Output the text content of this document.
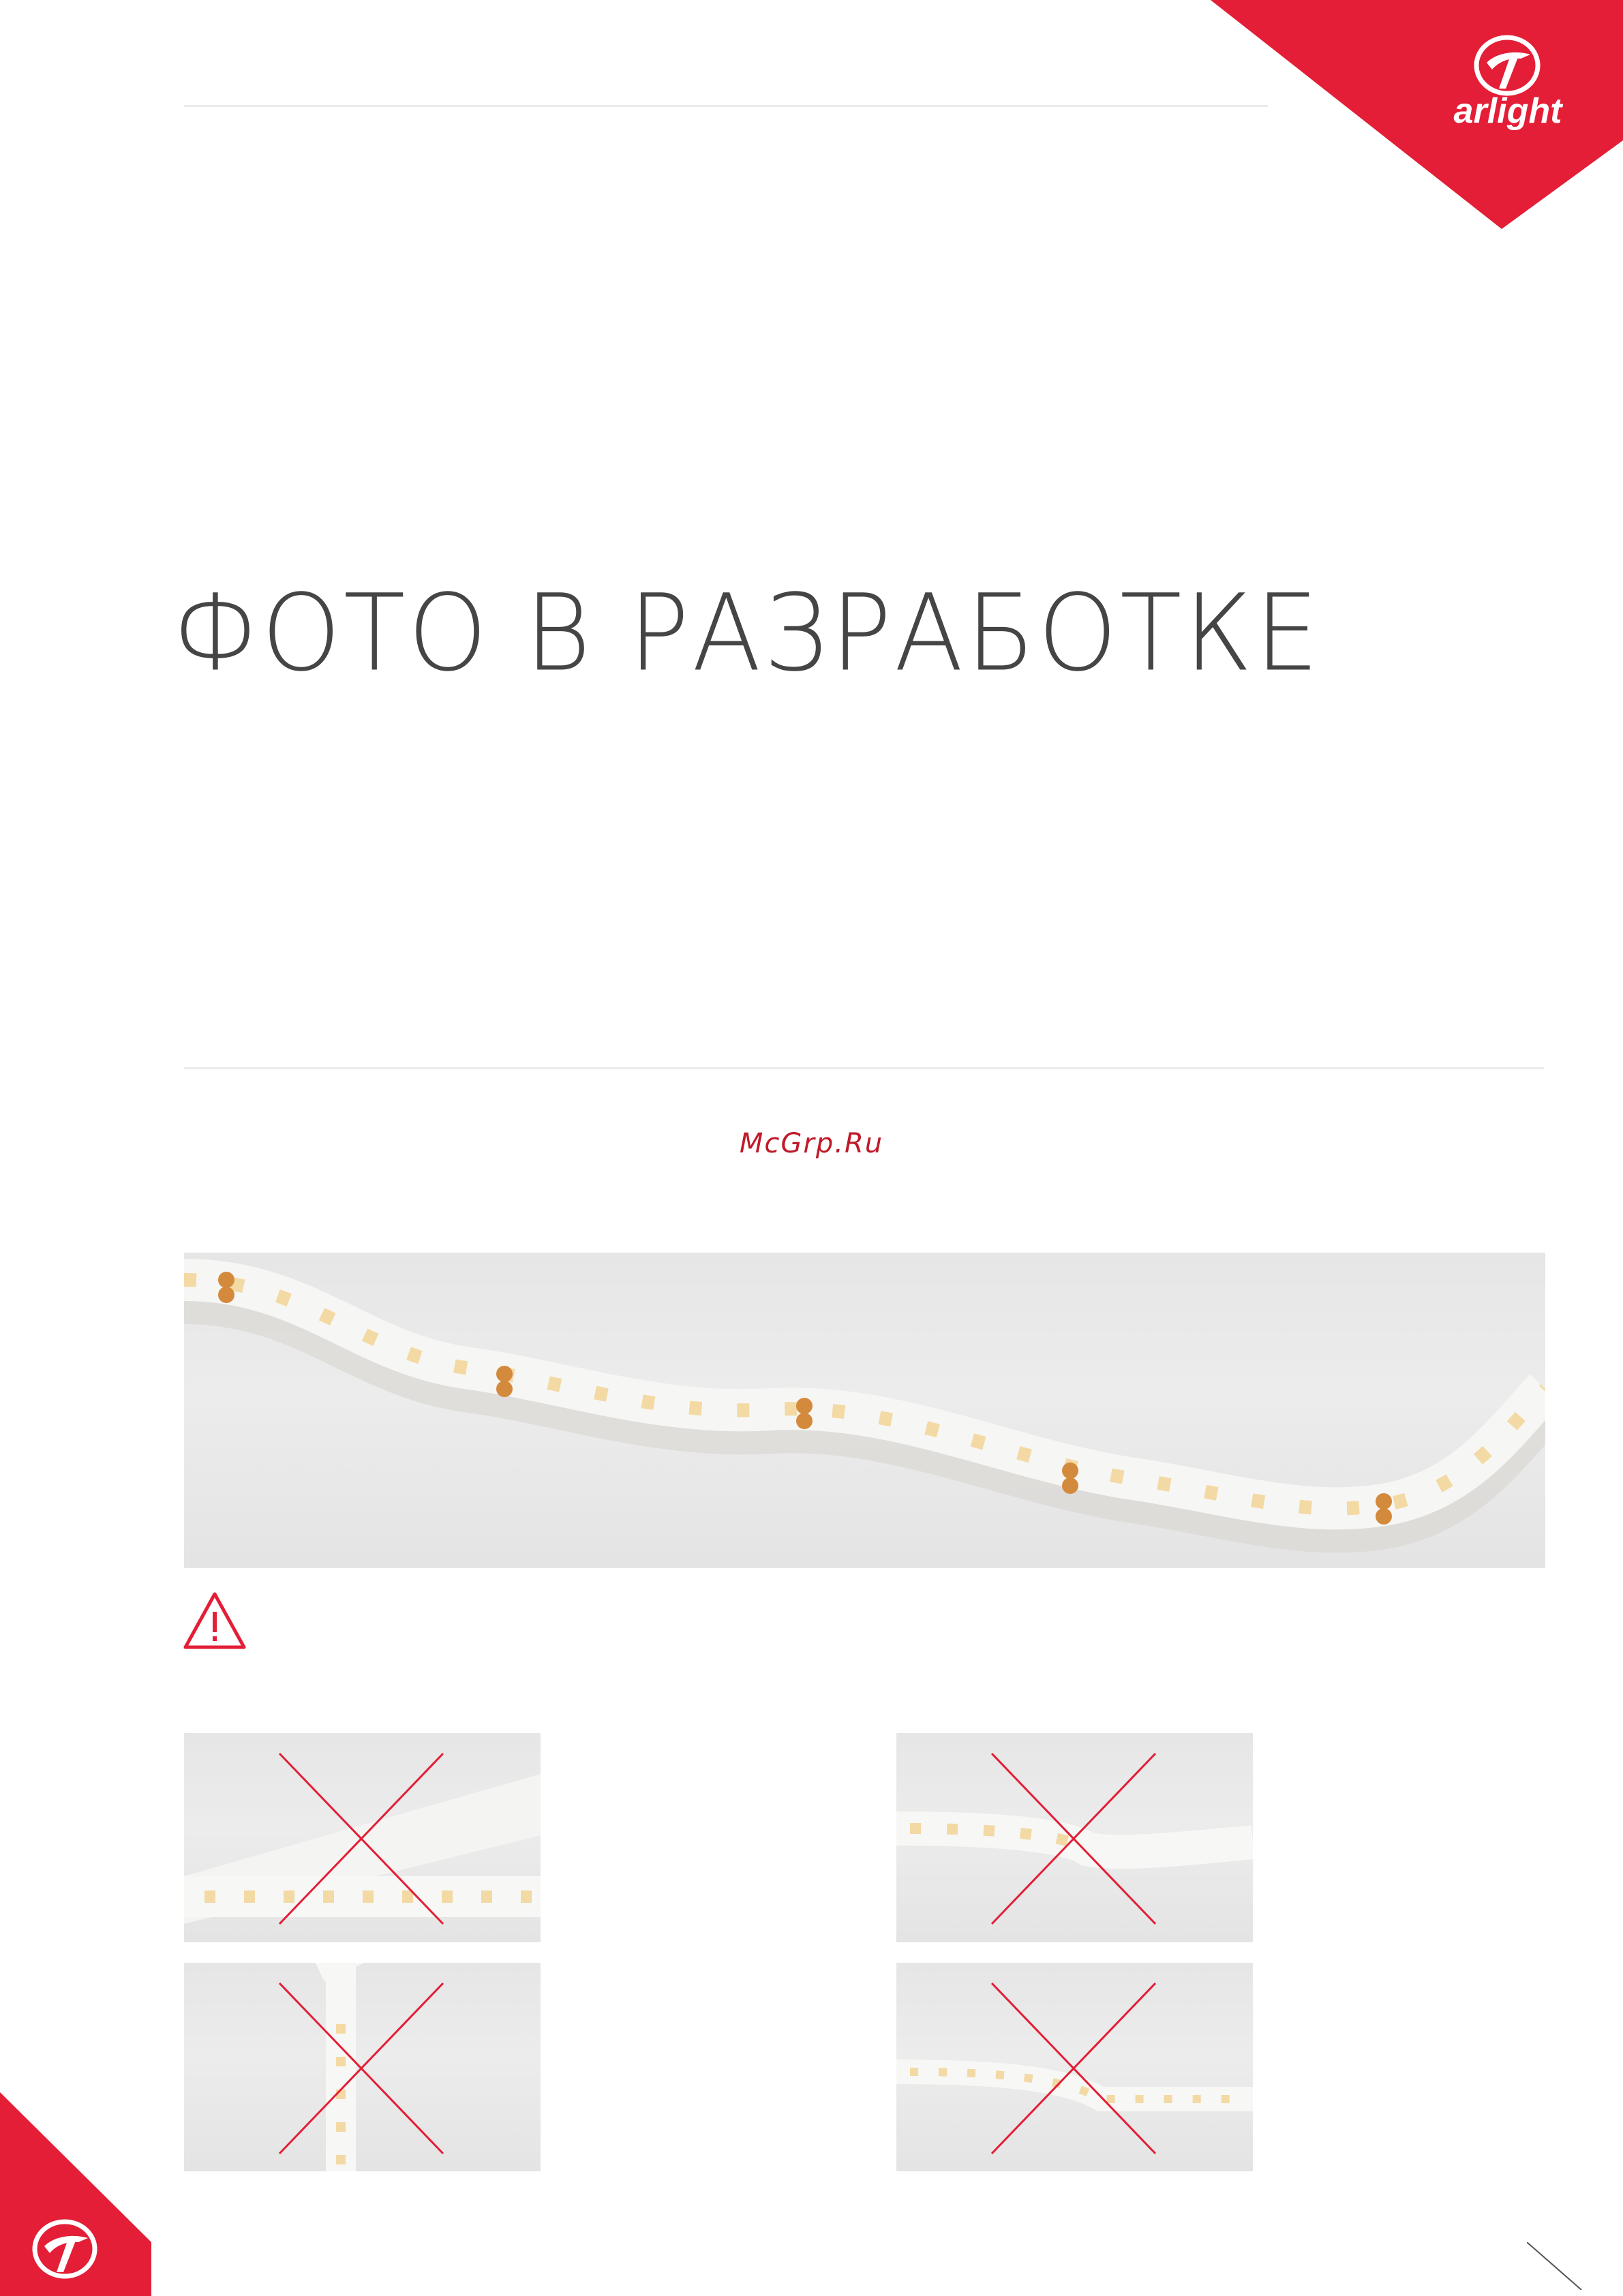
arlight
ФОТО В РАЗРАБОТКЕ
McGrp.Ru
